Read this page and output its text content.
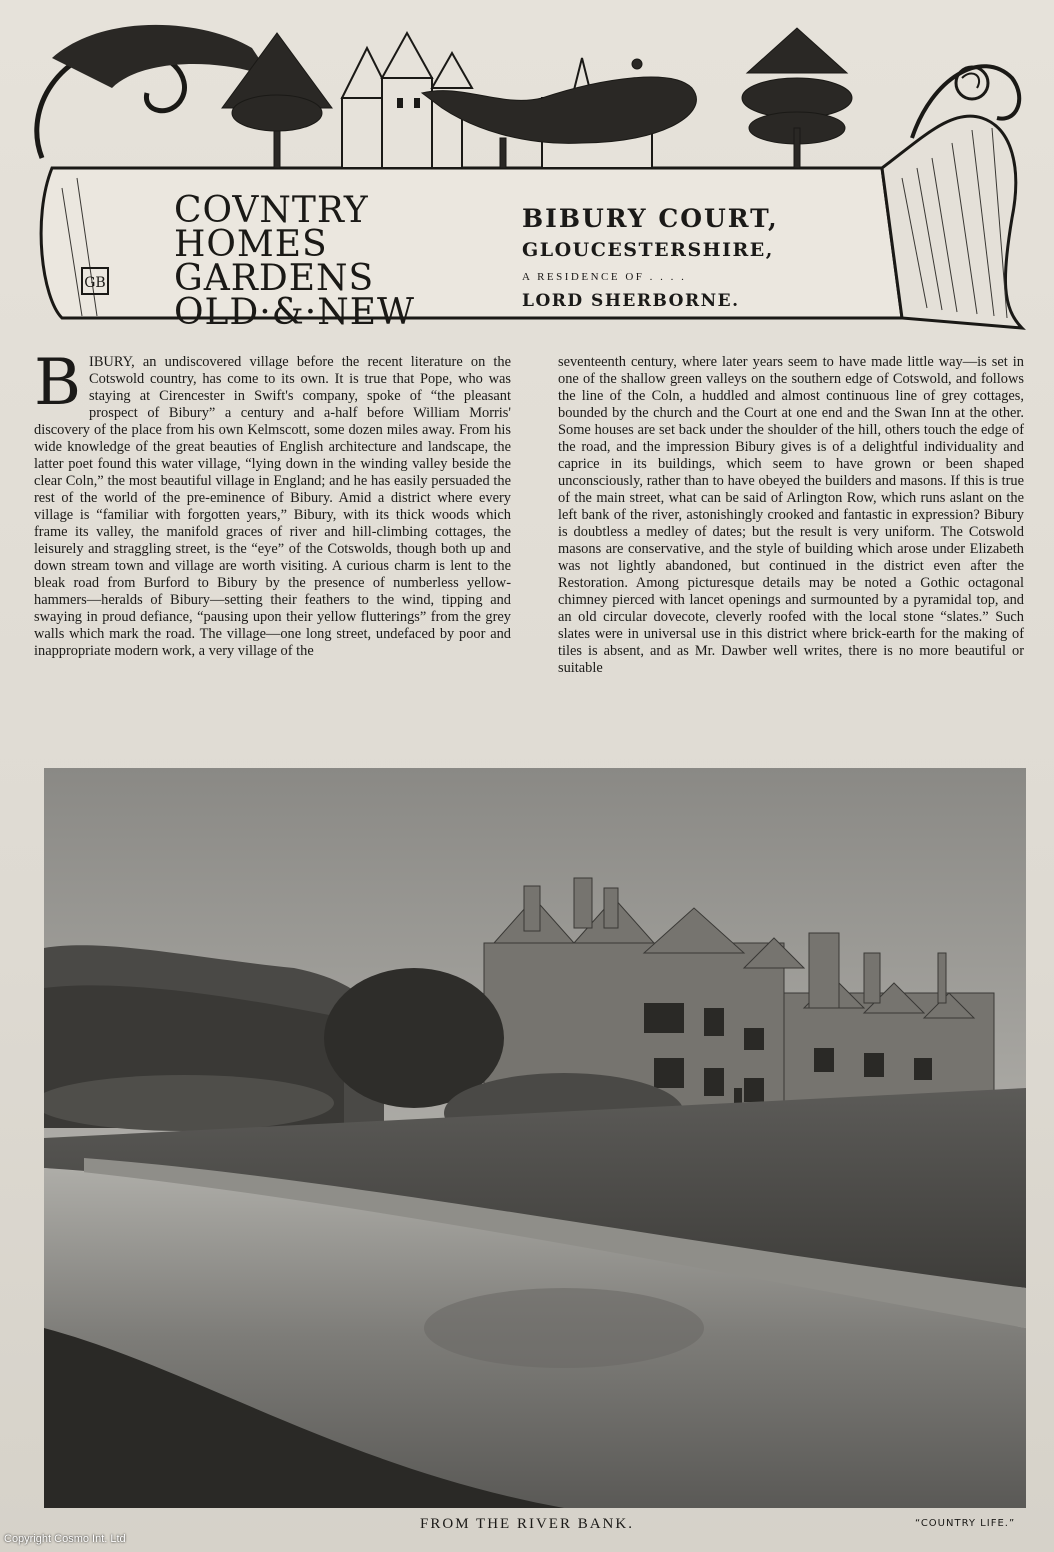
GB
COVNTRY
HOMES
GARDENS
OLD·&·NEW
BIBURY COURT,
GLOUCESTERSHIRE,
A RESIDENCE OF . . . .
LORD SHERBORNE.
BIBURY, an undiscovered village before the recent literature on the Cotswold country, has come to its own. It is true that Pope, who was staying at Cirencester in Swift's company, spoke of “the pleasant prospect of Bibury” a century and a-half before William Morris' discovery of the place from his own Kelmscott, some dozen miles away. From his wide knowledge of the great beauties of English architecture and landscape, the latter poet found this water village, “lying down in the winding valley beside the clear Coln,” the most beautiful village in England; and he has easily persuaded the rest of the world of the pre-eminence of Bibury. Amid a district where every village is “familiar with forgotten years,” Bibury, with its thick woods which frame its valley, the manifold graces of river and hill-climbing cottages, the leisurely and straggling street, is the “eye” of the Cotswolds, though both up and down stream town and village are worth visiting. A curious charm is lent to the bleak road from Burford to Bibury by the presence of numberless yellow-hammers—heralds of Bibury—setting their feathers to the wind, tipping and swaying in proud defiance, “pausing upon their yellow flutterings” from the grey walls which mark the road. The village—one long street, undefaced by poor and inappropriate modern work, a very village of the
seventeenth century, where later years seem to have made little way—is set in one of the shallow green valleys on the southern edge of Cotswold, and follows the line of the Coln, a huddled and almost continuous line of grey cottages, bounded by the church and the Court at one end and the Swan Inn at the other. Some houses are set back under the shoulder of the hill, others touch the edge of the road, and the impression Bibury gives is of a delightful individuality and caprice in its buildings, which seem to have grown or been shaped unconsciously, rather than to have obeyed the builders and masons. If this is true of the main street, what can be said of Arlington Row, which runs aslant on the left bank of the river, astonishingly crooked and fantastic in expression? Bibury is doubtless a medley of dates; but the result is very uniform. The Cotswold masons are conservative, and the style of building which arose under Elizabeth was not lightly abandoned, but continued in the district even after the Restoration. Among picturesque details may be noted a Gothic octagonal chimney pierced with lancet openings and surmounted by a pyramidal top, and an old circular dovecote, cleverly roofed with the local stone “slates.” Such slates were in universal use in this district where brick-earth for the making of tiles is absent, and as Mr. Dawber well writes, there is no more beautiful or suitable
FROM THE RIVER BANK.	“COUNTRY LIFE.”
Copyright Cosmo Int. Ltd
